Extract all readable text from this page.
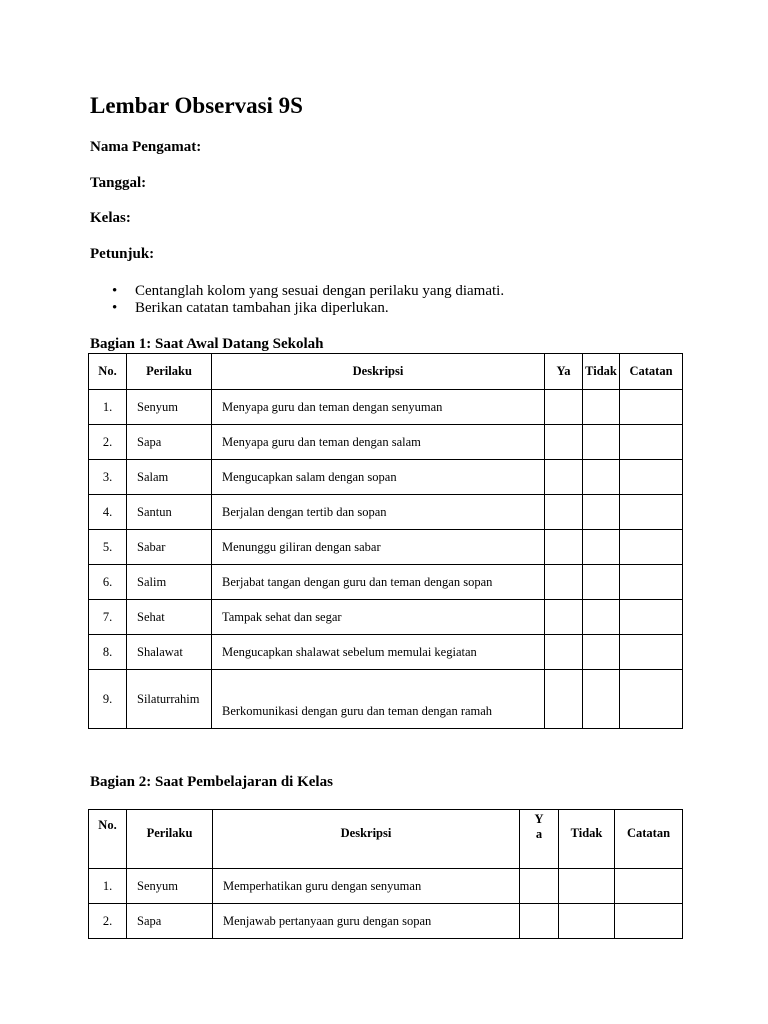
Lembar Observasi 9S
Nama Pengamat:
Tanggal:
Kelas:
Petunjuk:
• Centanglah kolom yang sesuai dengan perilaku yang diamati.
• Berikan catatan tambahan jika diperlukan.
Bagian 1: Saat Awal Datang Sekolah
No.	Perilaku	Deskripsi	Ya	Tidak	Catatan
1.	Senyum	Menyapa guru dan teman dengan senyuman			
2.	Sapa	Menyapa guru dan teman dengan salam			
3.	Salam	Mengucapkan salam dengan sopan			
4.	Santun	Berjalan dengan tertib dan sopan			
5.	Sabar	Menunggu giliran dengan sabar			
6.	Salim	Berjabat tangan dengan guru dan teman dengan sopan			
7.	Sehat	Tampak sehat dan segar			
8.	Shalawat	Mengucapkan shalawat sebelum memulai kegiatan			
9.	Silaturrahim	Berkomunikasi dengan guru dan teman dengan ramah			
Bagian 2: Saat Pembelajaran di Kelas
No.	Perilaku	Deskripsi	Ya	Tidak	Catatan
1.	Senyum	Memperhatikan guru dengan senyuman			
2.	Sapa	Menjawab pertanyaan guru dengan sopan			
